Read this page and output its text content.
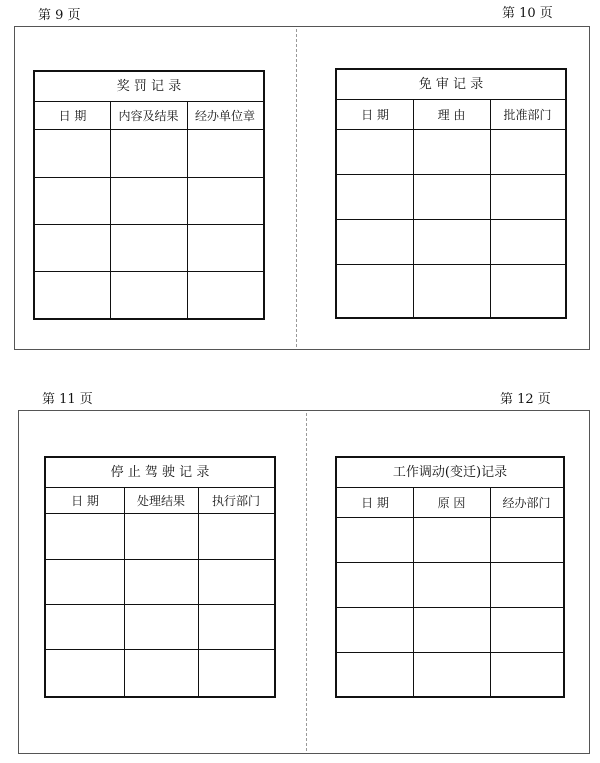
第 9 页	第 10 页
第 11 页	第 12 页
奖 罚 记 录
日 期	内容及结果	经办单位章
免 审 记 录
日 期	理 由	批准部门
停 止 驾 驶 记 录
日 期	处理结果	执行部门
工作调动(变迁)记录
日 期	原 因	经办部门
